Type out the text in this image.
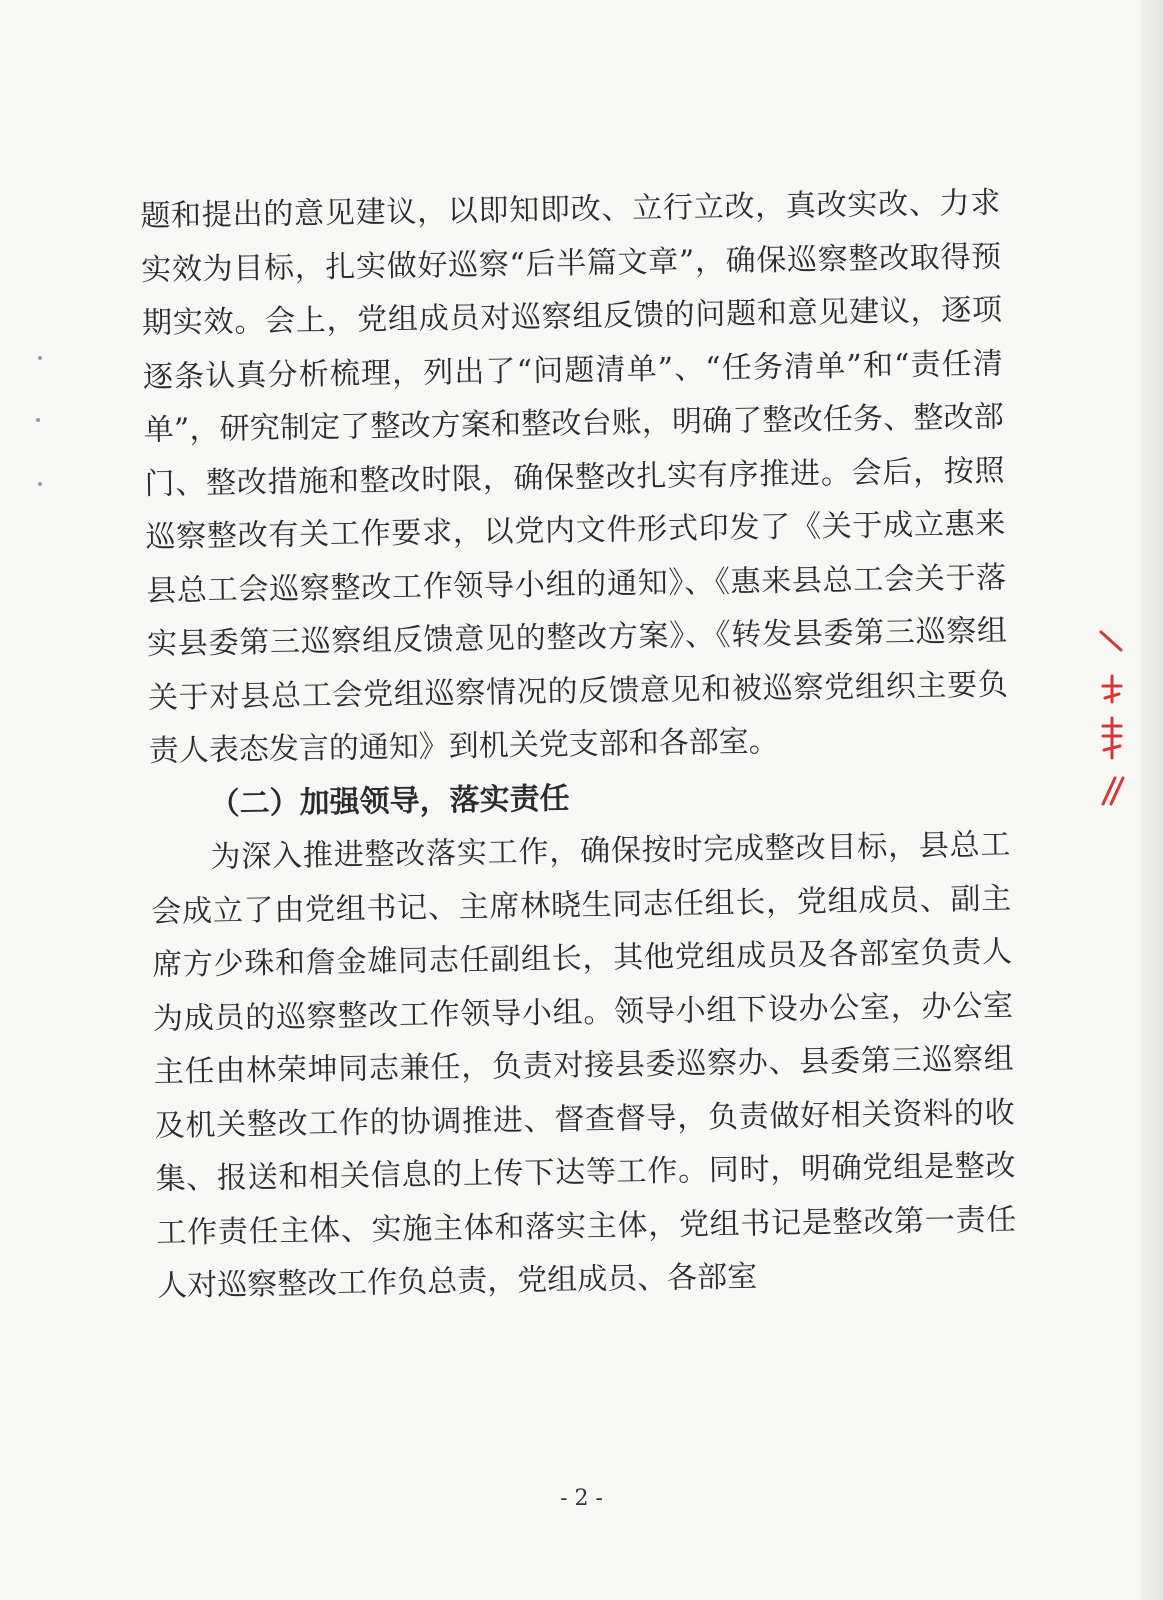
题和提出的意见建议，以即知即改、立行立改，真改实改、力求实效为目标，扎实做好巡察“后半篇文章”，确保巡察整改取得预期实效。会上，党组成员对巡察组反馈的问题和意见建议，逐项逐条认真分析梳理，列出了“问题清单”、“任务清单”和“责任清单”，研究制定了整改方案和整改台账，明确了整改任务、整改部门、整改措施和整改时限，确保整改扎实有序推进。会后，按照巡察整改有关工作要求，以党内文件形式印发了《关于成立惠来县总工会巡察整改工作领导小组的通知》、《惠来县总工会关于落实县委第三巡察组反馈意见的整改方案》、《转发县委第三巡察组关于对县总工会党组巡察情况的反馈意见和被巡察党组织主要负责人表态发言的通知》到机关党支部和各部室。

（二）加强领导，落实责任

为深入推进整改落实工作，确保按时完成整改目标，县总工会成立了由党组书记、主席林晓生同志任组长，党组成员、副主席方少珠和詹金雄同志任副组长，其他党组成员及各部室负责人为成员的巡察整改工作领导小组。领导小组下设办公室，办公室主任由林荣坤同志兼任，负责对接县委巡察办、县委第三巡察组及机关整改工作的协调推进、督查督导，负责做好相关资料的收集、报送和相关信息的上传下达等工作。同时，明确党组是整改工作责任主体、实施主体和落实主体，党组书记是整改第一责任人对巡察整改工作负总责，党组成员、各部室

- 2 -
